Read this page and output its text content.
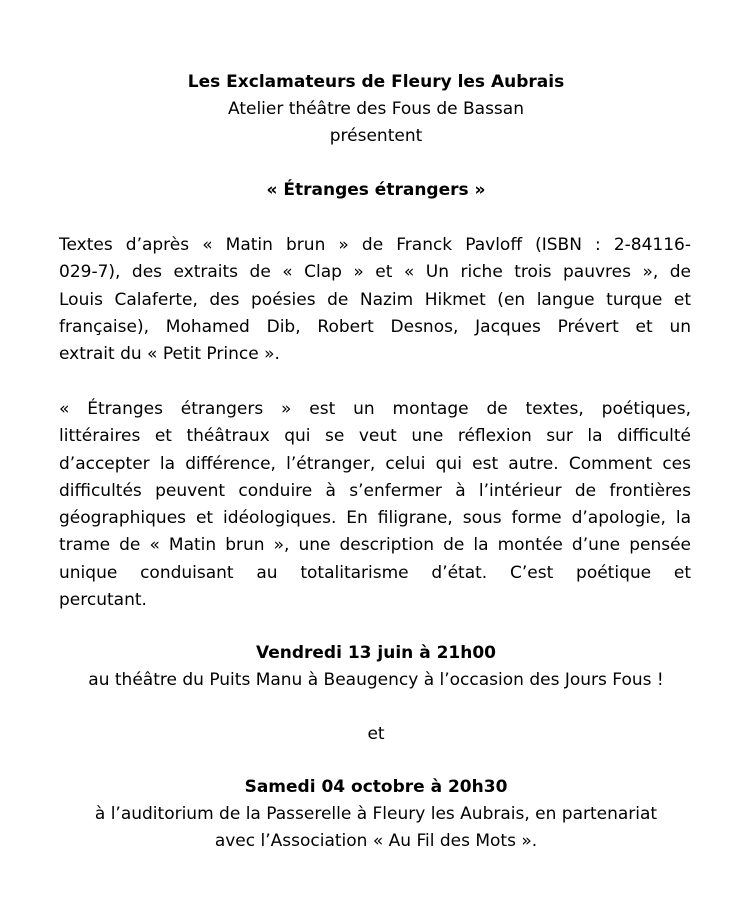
Les Exclamateurs de Fleury les Aubrais
Atelier théâtre des Fous de Bassan
présentent
« Étranges étrangers »
Textes d’après « Matin brun » de Franck Pavloff (ISBN : 2-84116-
029-7), des extraits de « Clap » et « Un riche trois pauvres », de
Louis Calaferte, des poésies de Nazim Hikmet (en langue turque et
française), Mohamed Dib, Robert Desnos, Jacques Prévert et un
extrait du « Petit Prince ».
« Étranges étrangers » est un montage de textes, poétiques,
littéraires et théâtraux qui se veut une réflexion sur la difficulté
d’accepter la différence, l’étranger, celui qui est autre. Comment ces
difficultés peuvent conduire à s’enfermer à l’intérieur de frontières
géographiques et idéologiques. En filigrane, sous forme d’apologie, la
trame de « Matin brun », une description de la montée d’une pensée
unique conduisant au totalitarisme d’état. C’est poétique et
percutant.
Vendredi 13 juin à 21h00
au théâtre du Puits Manu à Beaugency à l’occasion des Jours Fous !
et
Samedi 04 octobre à 20h30
à l’auditorium de la Passerelle à Fleury les Aubrais, en partenariat
avec l’Association « Au Fil des Mots ».
